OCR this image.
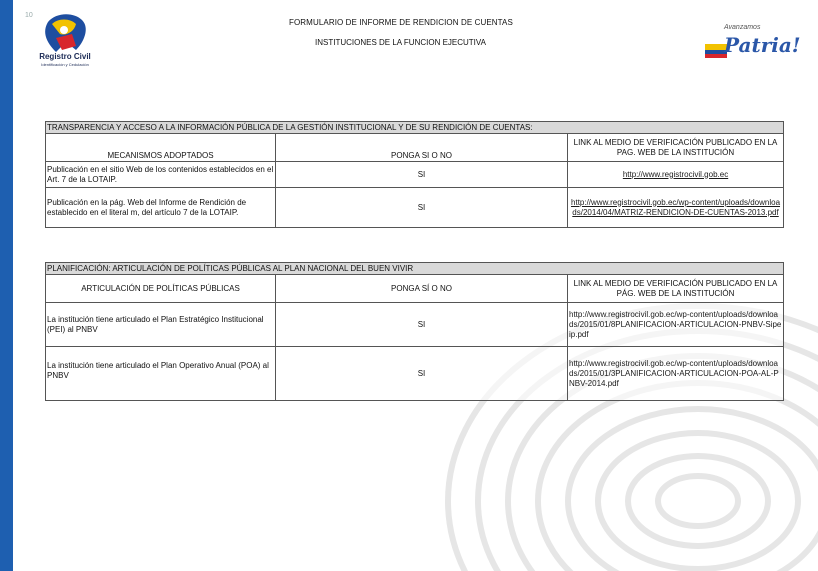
10
Registro Civil
Identificación y Cedulación
Avanzamos
Patria!
FORMULARIO DE INFORME DE RENDICION DE CUENTAS
INSTITUCIONES DE LA FUNCION EJECUTIVA
TRANSPARENCIA Y ACCESO A LA INFORMACIÓN PÚBLICA DE LA GESTIÓN INSTITUCIONAL Y DE SU RENDICIÓN DE CUENTAS:		
MECANISMOS ADOPTADOS	PONGA SI O NO	LINK AL MEDIO DE VERIFICACIÓN PUBLICADO EN LA PAG. WEB DE LA INSTITUCIÓN
Publicación en el sitio Web de los contenidos establecidos en el Art. 7 de la LOTAIP.	SI	http://www.registrocivil.gob.ec
Publicación en la pág. Web del Informe de Rendición de establecido en el literal m, del artículo 7 de la LOTAIP.	SI	http://www.registrocivil.gob.ec/wp-content/uploads/downloads/2014/04/MATRIZ-RENDICION-DE-CUENTAS-2013.pdf
PLANIFICACIÓN: ARTICULACIÓN DE POLÍTICAS PÚBLICAS AL PLAN NACIONAL DEL BUEN VIVIR		
ARTICULACIÓN DE POLÍTICAS PÚBLICAS	PONGA SÍ O NO	LINK AL MEDIO DE VERIFICACIÓN PUBLICADO EN LA PÁG. WEB DE LA INSTITUCIÓN
La institución tiene articulado el Plan Estratégico Institucional (PEI) al PNBV	SI	http://www.registrocivil.gob.ec/wp-content/uploads/downloads/2015/01/8PLANIFICACION-ARTICULACION-PNBV-Sipeip.pdf
La institución tiene articulado el Plan Operativo Anual (POA) al PNBV	SI	http://www.registrocivil.gob.ec/wp-content/uploads/downloads/2015/01/3PLANIFICACION-ARTICULACION-POA-AL-PNBV-2014.pdf
